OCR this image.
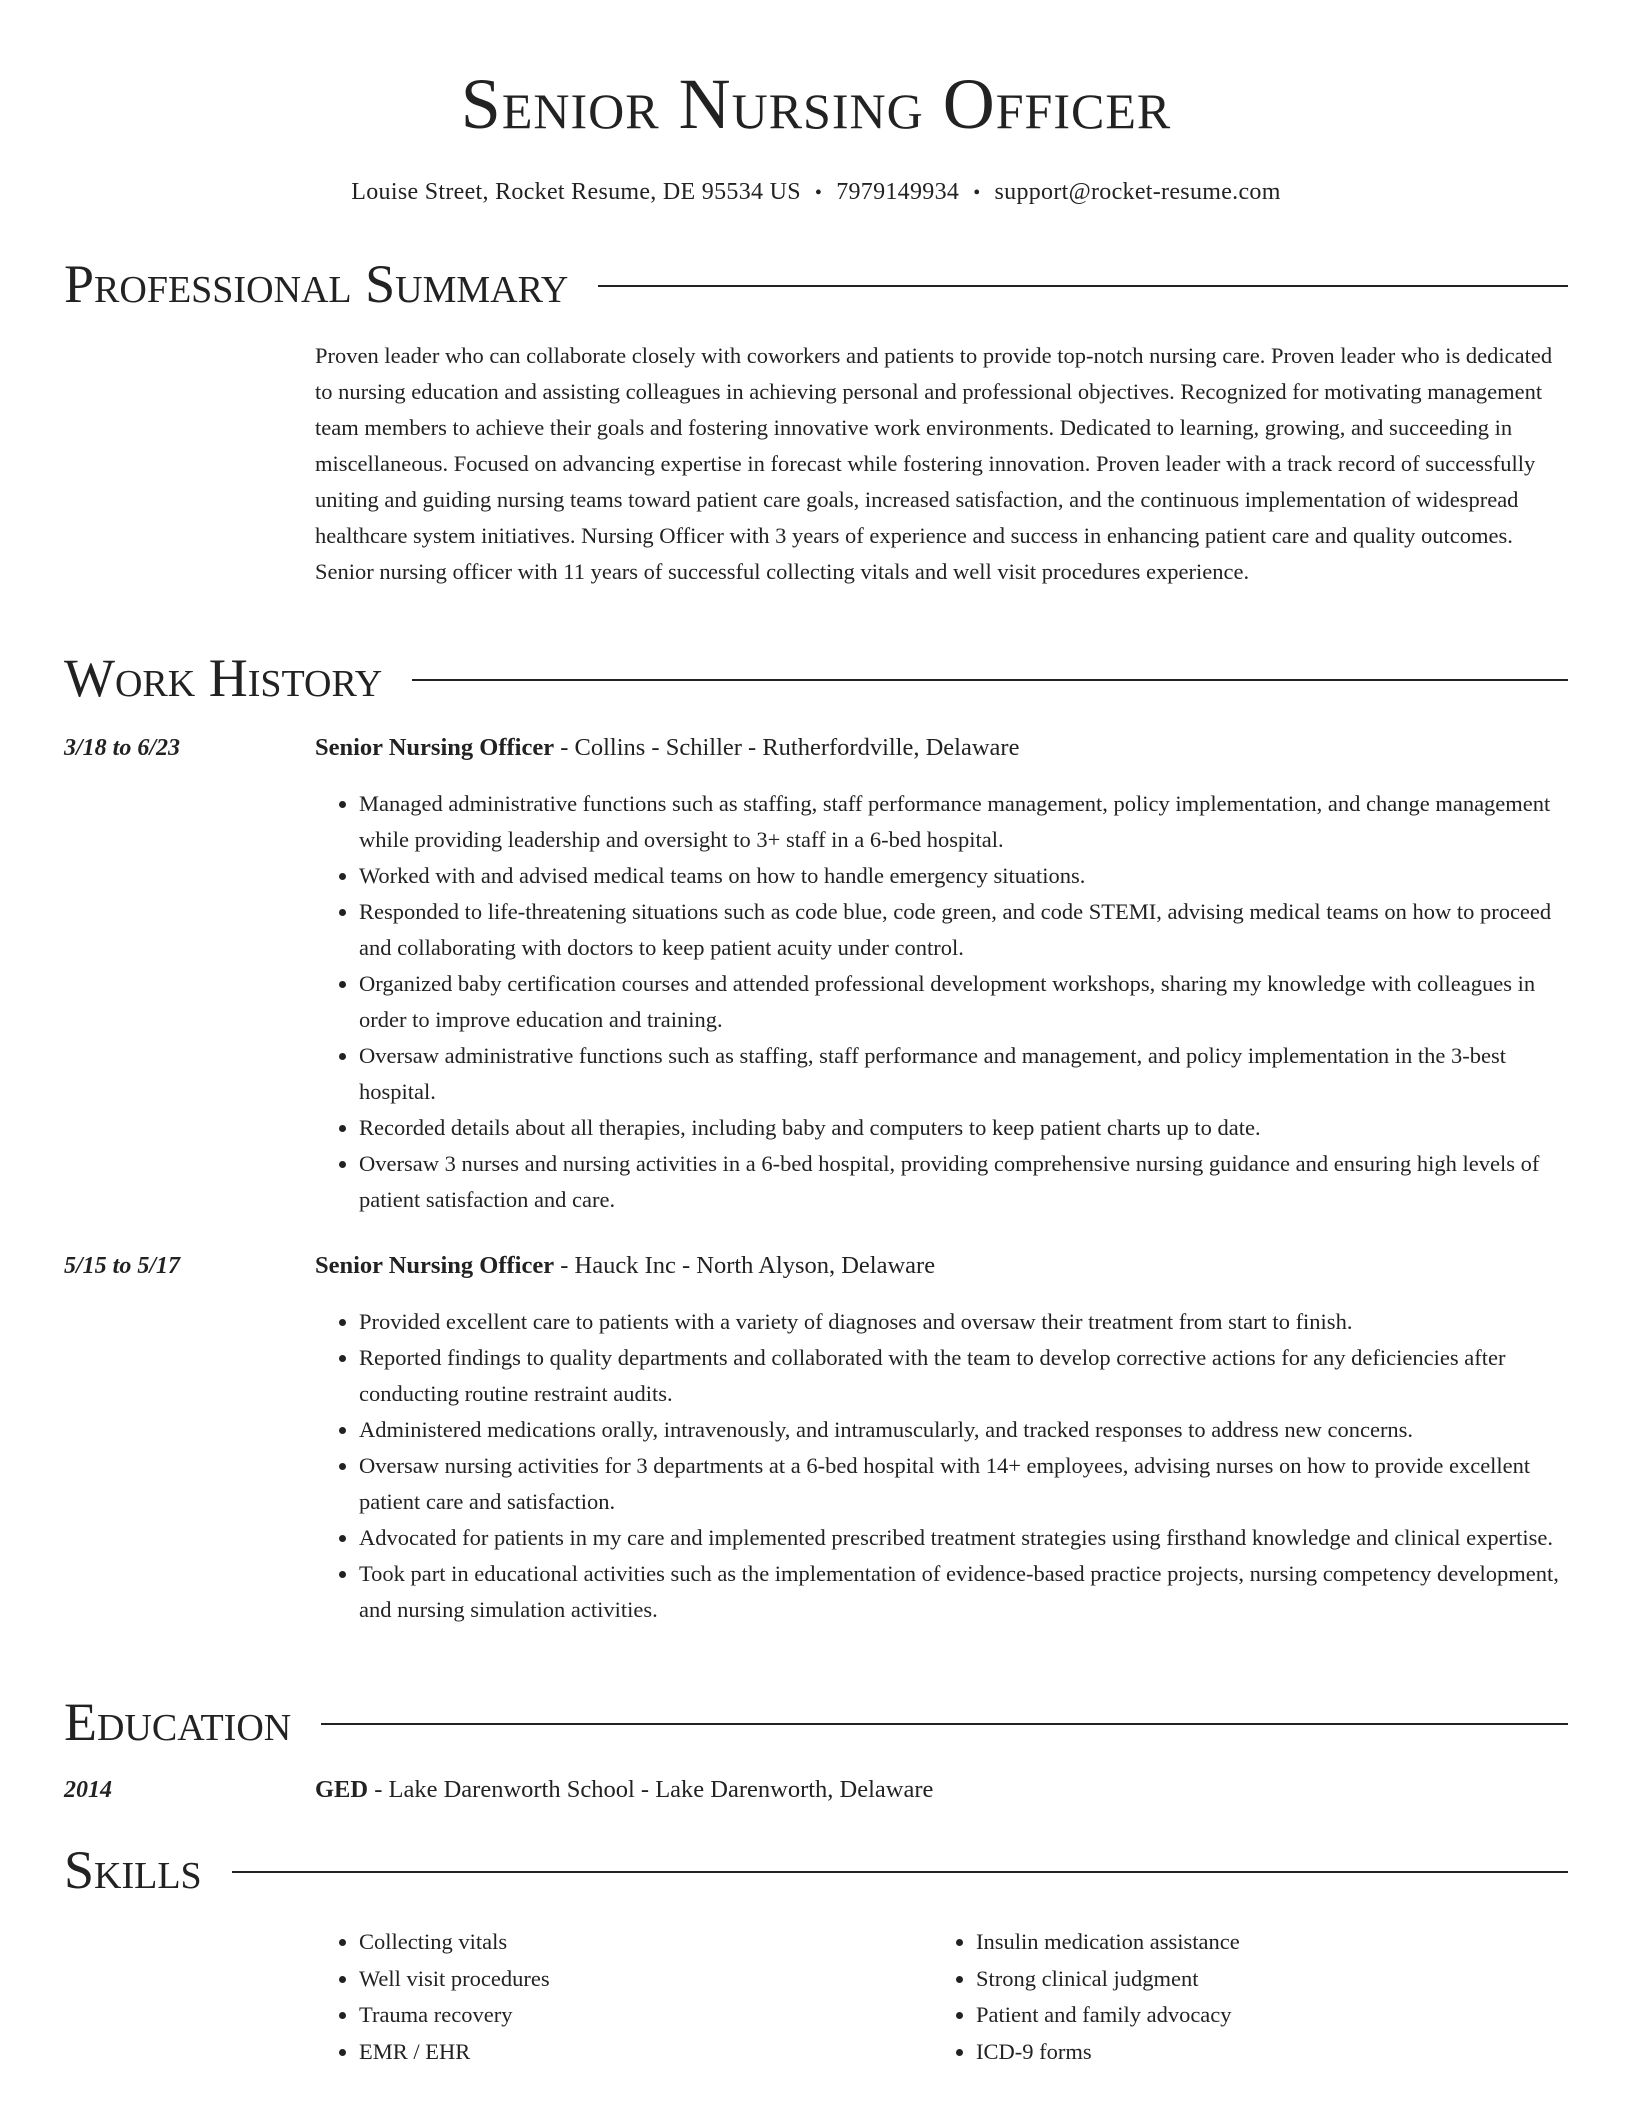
Senior Nursing Officer
Louise Street, Rocket Resume, DE 95534 US • 7979149934 • support@rocket-resume.com
Professional Summary
Proven leader who can collaborate closely with coworkers and patients to provide top-notch nursing care. Proven leader who is dedicated to nursing education and assisting colleagues in achieving personal and professional objectives. Recognized for motivating management team members to achieve their goals and fostering innovative work environments. Dedicated to learning, growing, and succeeding in miscellaneous. Focused on advancing expertise in forecast while fostering innovation. Proven leader with a track record of successfully uniting and guiding nursing teams toward patient care goals, increased satisfaction, and the continuous implementation of widespread healthcare system initiatives. Nursing Officer with 3 years of experience and success in enhancing patient care and quality outcomes. Senior nursing officer with 11 years of successful collecting vitals and well visit procedures experience.
Work History
3/18 to 6/23	Senior Nursing Officer - Collins - Schiller - Rutherfordville, Delaware
• Managed administrative functions such as staffing, staff performance management, policy implementation, and change management while providing leadership and oversight to 3+ staff in a 6-bed hospital.
• Worked with and advised medical teams on how to handle emergency situations.
• Responded to life-threatening situations such as code blue, code green, and code STEMI, advising medical teams on how to proceed and collaborating with doctors to keep patient acuity under control.
• Organized baby certification courses and attended professional development workshops, sharing my knowledge with colleagues in order to improve education and training.
• Oversaw administrative functions such as staffing, staff performance and management, and policy implementation in the 3-best hospital.
• Recorded details about all therapies, including baby and computers to keep patient charts up to date.
• Oversaw 3 nurses and nursing activities in a 6-bed hospital, providing comprehensive nursing guidance and ensuring high levels of patient satisfaction and care.
5/15 to 5/17	Senior Nursing Officer - Hauck Inc - North Alyson, Delaware
• Provided excellent care to patients with a variety of diagnoses and oversaw their treatment from start to finish.
• Reported findings to quality departments and collaborated with the team to develop corrective actions for any deficiencies after conducting routine restraint audits.
• Administered medications orally, intravenously, and intramuscularly, and tracked responses to address new concerns.
• Oversaw nursing activities for 3 departments at a 6-bed hospital with 14+ employees, advising nurses on how to provide excellent patient care and satisfaction.
• Advocated for patients in my care and implemented prescribed treatment strategies using firsthand knowledge and clinical expertise.
• Took part in educational activities such as the implementation of evidence-based practice projects, nursing competency development, and nursing simulation activities.
Education
2014	GED - Lake Darenworth School - Lake Darenworth, Delaware
Skills
• Collecting vitals
• Well visit procedures
• Trauma recovery
• EMR / EHR
• Insulin medication assistance
• Strong clinical judgment
• Patient and family advocacy
• ICD-9 forms
